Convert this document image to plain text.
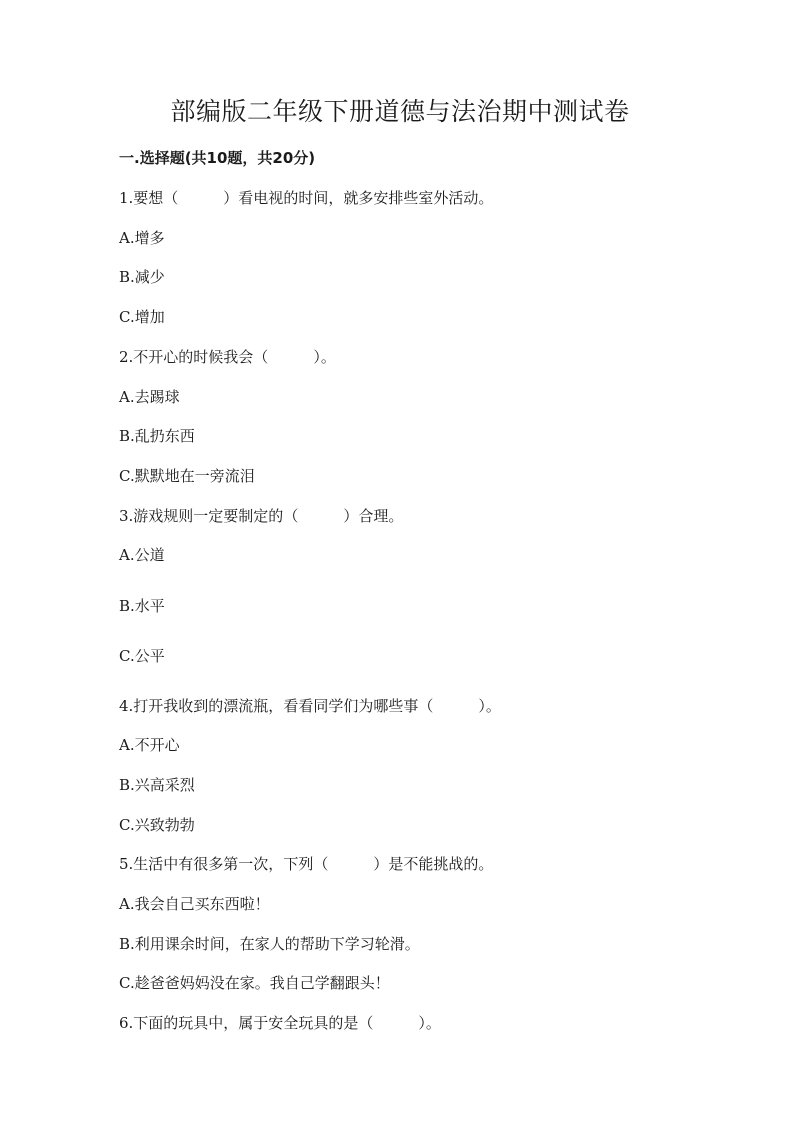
部编版二年级下册道德与法治期中测试卷
一.选择题(共10题，共20分)
1.要想（　　　）看电视的时间，就多安排些室外活动。
A.增多
B.减少
C.增加
2.不开心的时候我会（　　　）。
A.去踢球
B.乱扔东西
C.默默地在一旁流泪
3.游戏规则一定要制定的（　　　）合理。
A.公道
B.水平
C.公平
4.打开我收到的漂流瓶，看看同学们为哪些事（　　　）。
A.不开心
B.兴高采烈
C.兴致勃勃
5.生活中有很多第一次，下列（　　　）是不能挑战的。
A.我会自己买东西啦！
B.利用课余时间，在家人的帮助下学习轮滑。
C.趁爸爸妈妈没在家。我自己学翻跟头！
6.下面的玩具中，属于安全玩具的是（　　　）。
